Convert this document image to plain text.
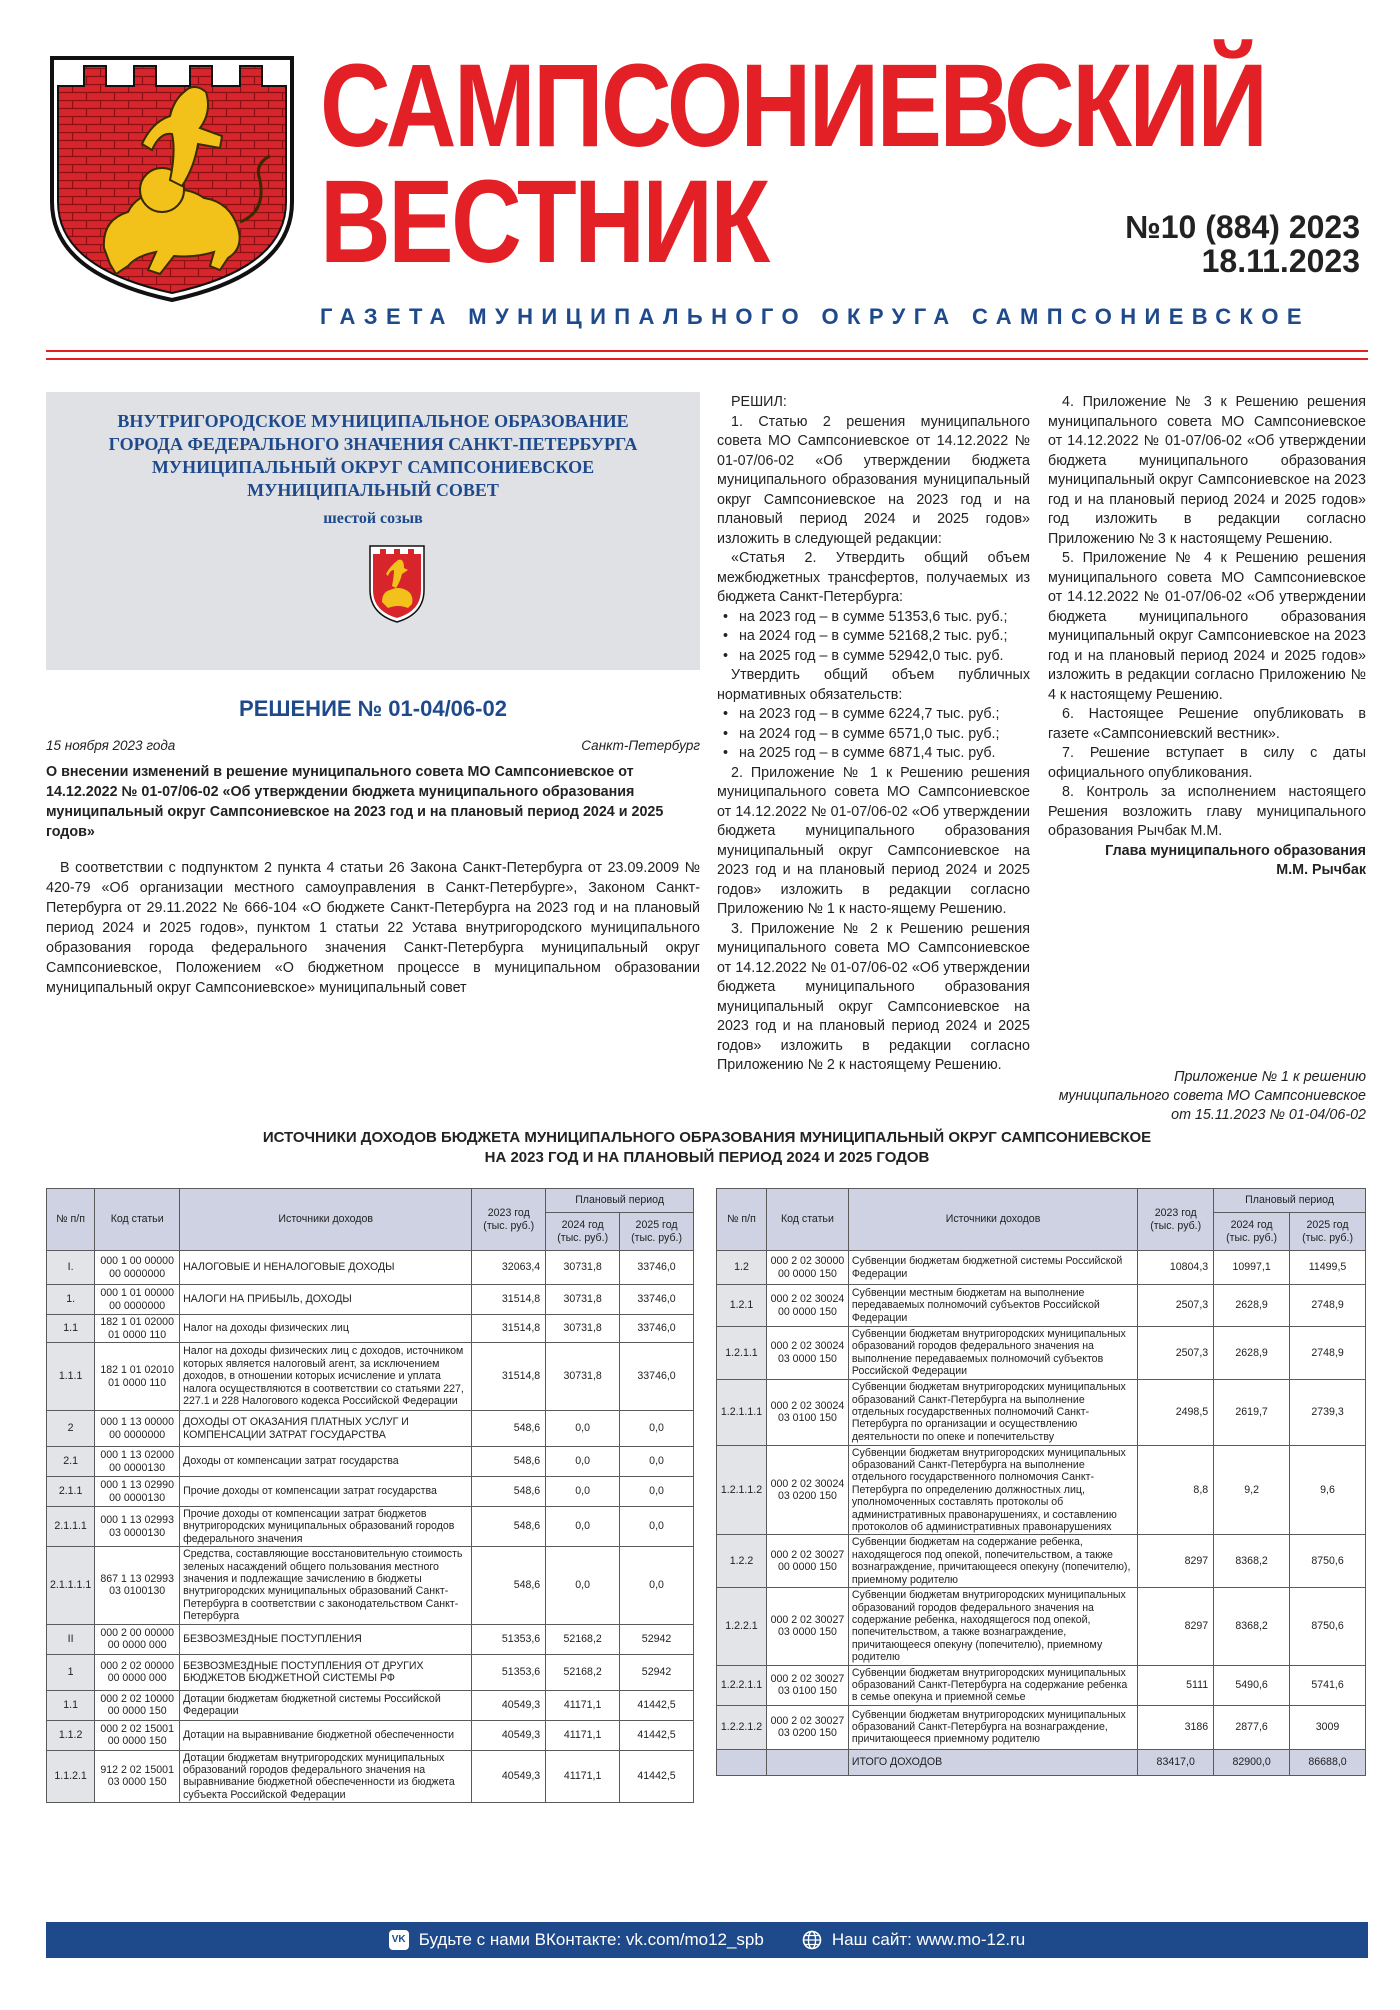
САМПСОНИЕВСКИЙ
ВЕСТНИК	№10 (884) 2023
18.11.2023
ГАЗЕТА МУНИЦИПАЛЬНОГО ОКРУГА САМПСОНИЕВСКОЕ
ВНУТРИГОРОДСКОЕ МУНИЦИПАЛЬНОЕ ОБРАЗОВАНИЕ
ГОРОДА ФЕДЕРАЛЬНОГО ЗНАЧЕНИЯ САНКТ-ПЕТЕРБУРГА
МУНИЦИПАЛЬНЫЙ ОКРУГ САМПСОНИЕВСКОЕ
МУНИЦИПАЛЬНЫЙ СОВЕТ
шестой созыв
РЕШЕНИЕ № 01-04/06-02
15 ноября 2023 года	Санкт-Петербург
О внесении изменений в решение муниципального совета МО Сампсониевское от 14.12.2022 № 01-07/06-02 «Об утверждении бюджета муниципального образования муниципальный округ Сампсониевское на 2023 год и на плановый период 2024 и 2025 годов»
В соответствии с подпунктом 2 пункта 4 статьи 26 Закона Санкт-Петербурга от 23.09.2009 № 420-79 «Об организации местного самоуправления в Санкт-Петербурге», Законом Санкт-Петербурга от 29.11.2022 № 666-104 «О бюджете Санкт-Петербурга на 2023 год и на плановый период 2024 и 2025 годов», пунктом 1 статьи 22 Устава внутригородского муниципального образования города федерального значения Санкт-Петербурга муниципальный округ Сампсониевское, Положением «О бюджетном процессе в муниципальном образовании муниципальный округ Сампсониевское» муниципальный совет

РЕШИЛ:

1. Статью 2 решения муниципального совета МО Сампсониевское от 14.12.2022 № 01-07/06-02 «Об утверждении бюджета муниципального образования муниципальный округ Сампсониевское на 2023 год и на плановый период 2024 и 2025 годов» изложить в следующей редакции:

«Статья 2. Утвердить общий объем межбюджетных трансфертов, получаемых из бюджета Санкт-Петербурга:

• на 2023 год – в сумме 51353,6 тыс. руб.;
• на 2024 год – в сумме 52168,2 тыс. руб.;
• на 2025 год – в сумме 52942,0 тыс. руб.

Утвердить общий объем публичных нормативных обязательств:

• на 2023 год – в сумме 6224,7 тыс. руб.;
• на 2024 год – в сумме 6571,0 тыс. руб.;
• на 2025 год – в сумме 6871,4 тыс. руб.

2. Приложение № 1 к Решению решения муниципального совета МО Сампсониевское от 14.12.2022 № 01-07/06-02 «Об утверждении бюджета муниципального образования муниципальный округ Сампсониевское на 2023 год и на плановый период 2024 и 2025 годов» изложить в редакции согласно Приложению № 1 к насто-ящему Решению.

3. Приложение № 2 к Решению решения муниципального совета МО Сампсониевское от 14.12.2022 № 01-07/06-02 «Об утверждении бюджета муниципального образования муниципальный округ Сампсониевское на 2023 год и на плановый период 2024 и 2025 годов» изложить в редакции согласно Приложению № 2 к настоящему Решению.

4. Приложение № 3 к Решению решения муниципального совета МО Сампсониевское от 14.12.2022 № 01-07/06-02 «Об утверждении бюджета муниципального образования муниципальный округ Сампсониевское на 2023 год и на плановый период 2024 и 2025 годов» год изложить в редакции согласно Приложению № 3 к настоящему Решению.

5. Приложение № 4 к Решению решения муниципального совета МО Сампсониевское от 14.12.2022 № 01-07/06-02 «Об утверждении бюджета муниципального образования муниципальный округ Сампсониевское на 2023 год и на плановый период 2024 и 2025 годов» изложить в редакции согласно Приложению № 4 к настоящему Решению.

6. Настоящее Решение опубликовать в газете «Сампсониевский вестник».

7. Решение вступает в силу с даты официального опубликования.

8. Контроль за исполнением настоящего Решения возложить главу муниципального образования Рычбак М.М.

Глава муниципального образования

М.М. Рычбак

Приложение № 1 к решению
муниципального совета МО Сампсониевское
от 15.11.2023 № 01-04/06-02
ИСТОЧНИКИ ДОХОДОВ БЮДЖЕТА МУНИЦИПАЛЬНОГО ОБРАЗОВАНИЯ МУНИЦИПАЛЬНЫЙ ОКРУГ САМПСОНИЕВСКОЕ
НА 2023 ГОД И НА ПЛАНОВЫЙ ПЕРИОД 2024 И 2025 ГОДОВ
№ п/п	Код статьи	Источники доходов	2023 год (тыс. руб.)	Плановый период	
				2024 год (тыс. руб.)	2025 год (тыс. руб.)
I.	000 1 00 00000 00 0000000	НАЛОГОВЫЕ И НЕНАЛОГОВЫЕ ДОХОДЫ	32063,4	30731,8	33746,0
1.	000 1 01 00000 00 0000000	НАЛОГИ НА ПРИБЫЛЬ, ДОХОДЫ	31514,8	30731,8	33746,0
1.1	182 1 01 02000 01 0000 110	Налог на доходы физических лиц	31514,8	30731,8	33746,0
1.1.1	182 1 01 02010 01 0000 110	Налог на доходы физических лиц с доходов, источником которых является налоговый агент, за исключением доходов, в отношении которых исчисление и уплата налога осуществляются в соответствии со статьями 227, 227.1 и 228 Налогового кодекса Российской Федерации	31514,8	30731,8	33746,0
2	000 1 13 00000 00 0000000	ДОХОДЫ ОТ ОКАЗАНИЯ ПЛАТНЫХ УСЛУГ И КОМПЕНСАЦИИ ЗАТРАТ ГОСУДАРСТВА	548,6	0,0	0,0
2.1	000 1 13 02000 00 0000130	Доходы от компенсации затрат государства	548,6	0,0	0,0
2.1.1	000 1 13 02990 00 0000130	Прочие доходы от компенсации затрат государства	548,6	0,0	0,0
2.1.1.1	000 1 13 02993 03 0000130	Прочие доходы от компенсации затрат бюджетов внутригородских муниципальных образований городов федерального значения	548,6	0,0	0,0
2.1.1.1.1	867 1 13 02993 03 0100130	Средства, составляющие восстановительную стоимость зеленых насаждений общего пользования местного значения и подлежащие зачислению в бюджеты внутригородских муниципальных образований Санкт-Петербурга в соответствии с законодательством Санкт-Петербурга	548,6	0,0	0,0
II	000 2 00 00000 00 0000 000	БЕЗВОЗМЕЗДНЫЕ ПОСТУПЛЕНИЯ	51353,6	52168,2	52942
1	000 2 02 00000 00 0000 000	БЕЗВОЗМЕЗДНЫЕ ПОСТУПЛЕНИЯ ОТ ДРУГИХ БЮДЖЕТОВ БЮДЖЕТНОЙ СИСТЕМЫ РФ	51353,6	52168,2	52942
1.1	000 2 02 10000 00 0000 150	Дотации бюджетам бюджетной системы Российской Федерации	40549,3	41171,1	41442,5
1.1.2	000 2 02 15001 00 0000 150	Дотации на выравнивание бюджетной обеспеченности	40549,3	41171,1	41442,5
1.1.2.1	912 2 02 15001 03 0000 150	Дотации бюджетам внутригородских муниципальных образований городов федерального значения на выравнивание бюджетной обеспеченности из бюджета субъекта Российской Федерации	40549,3	41171,1	41442,5
№ п/п	Код статьи	Источники доходов	2023 год (тыс. руб.)	Плановый период	
				2024 год (тыс. руб.)	2025 год (тыс. руб.)
1.2	000 2 02 30000 00 0000 150	Субвенции бюджетам бюджетной системы Российской Федерации	10804,3	10997,1	11499,5
1.2.1	000 2 02 30024 00 0000 150	Субвенции местным бюджетам на выполнение передаваемых полномочий субъектов Российской Федерации	2507,3	2628,9	2748,9
1.2.1.1	000 2 02 30024 03 0000 150	Субвенции бюджетам внутригородских муниципальных образований городов федерального значения на выполнение передаваемых полномочий субъектов Российской Федерации	2507,3	2628,9	2748,9
1.2.1.1.1	000 2 02 30024 03 0100 150	Субвенции бюджетам внутригородских муниципальных образований Санкт-Петербурга на выполнение отдельных государственных полномочий Санкт-Петербурга по организации и осуществлению деятельности по опеке и попечительству	2498,5	2619,7	2739,3
1.2.1.1.2	000 2 02 30024 03 0200 150	Субвенции бюджетам внутригородских муниципальных образований Санкт-Петербурга на выполнение отдельного государственного полномочия Санкт-Петербурга по определению должностных лиц, уполномоченных составлять протоколы об административных правонарушениях, и составлению протоколов об административных правонарушениях	8,8	9,2	9,6
1.2.2	000 2 02 30027 00 0000 150	Субвенции бюджетам на содержание ребенка, находящегося под опекой, попечительством, а также вознаграждение, причитающееся опекуну (попечителю), приемному родителю	8297	8368,2	8750,6
1.2.2.1	000 2 02 30027 03 0000 150	Субвенции бюджетам внутригородских муниципальных образований городов федерального значения на содержание ребенка, находящегося под опекой, попечительством, а также вознаграждение, причитающееся опекуну (попечителю), приемному родителю	8297	8368,2	8750,6
1.2.2.1.1	000 2 02 30027 03 0100 150	Субвенции бюджетам внутригородских муниципальных образований Санкт-Петербурга на содержание ребенка в семье опекуна и приемной семье	5111	5490,6	5741,6
1.2.2.1.2	000 2 02 30027 03 0200 150	Субвенции бюджетам внутригородских муниципальных образований Санкт-Петербурга на вознаграждение, причитающееся приемному родителю	3186	2877,6	3009
		ИТОГО ДОХОДОВ	83417,0	82900,0	86688,0
VK Будьте с нами ВКонтакте: vk.com/mo12_spb	Наш сайт: www.mo-12.ru
